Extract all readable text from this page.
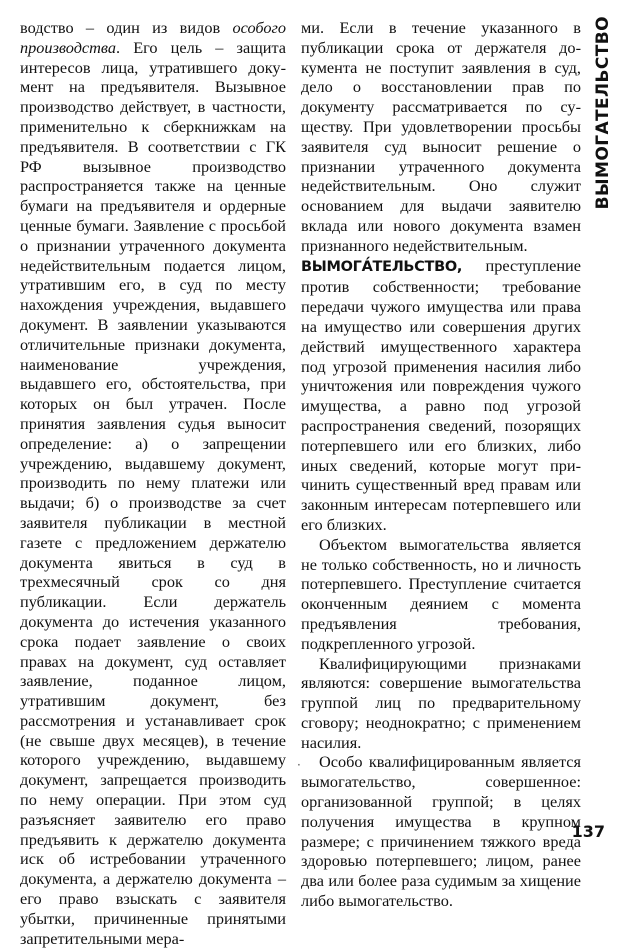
водство – один из видов особого производства. Его цель – защита интересов лица, утратившего документ на предъявителя. Вызывное производство действует, в частности, применительно к сберкнижкам на предъявителя. В соответствии с ГК РФ вызывное производство распространяется также на ценные бумаги на предъявителя и ордерные ценные бумаги. Заявление с просьбой о признании утраченного документа недействительным подается лицом, утратившим его, в суд по месту нахождения учреждения, выдавшего документ. В заявлении указываются отличительные признаки документа, наименование учреждения, выдавшего его, обстоятельства, при которых он был утрачен. После принятия заявления судья выносит определение: а) о запрещении учреждению, выдавшему документ, производить по нему платежи или выдачи; б) о производстве за счет заявителя публикации в местной газете с предложением держателю документа явиться в суд в трехмесячный срок со дня публикации. Если держатель документа до истечения указанного срока подает заявление о своих правах на документ, суд оставляет заявление, поданное лицом, утратившим документ, без рассмотрения и устанавливает срок (не свыше двух месяцев), в течение которого учреждению, выдавшему документ, запрещается производить по нему операции. При этом суд разъясняет заявителю его право предъявить к держателю документа иск об истребовании утраченного документа, а держателю документа – его право взыскать с заявителя убытки, причиненные принятыми запретительными мера-

ми. Если в течение указанного в публикации срока от держателя документа не поступит заявления в суд, дело о восстановлении прав по документу рассматривается по существу. При удовлетворении просьбы заявителя суд выносит решение о признании утраченного документа недействительным. Оно служит основанием для выдачи заявителю вклада или нового документа взамен признанного недействительным.

ВЫМОГА́ТЕЛЬСТВО, преступление против собственности; требование передачи чужого имущества или права на имущество или совершения других действий имущественного характера под угрозой применения насилия либо уничтожения или повреждения чужого имущества, а равно под угрозой распространения сведений, позорящих потерпевшего или его близких, либо иных сведений, которые могут причинить существенный вред правам или законным интересам потерпевшего или его близких.

Объектом вымогательства является не только собственность, но и личность потерпевшего. Преступление считается оконченным деянием с момента предъявления требования, подкрепленного угрозой.

Квалифицирующими признаками являются: совершение вымогательства группой лиц по предварительному сговору; неоднократно; с применением насилия.

Особо квалифицированным является вымогательство, совершенное: организованной группой; в целях получения имущества в крупном размере; с причинением тяжкого вреда здоровью потерпевшего; лицом, ранее два или более раза судимым за хищение либо вымогательство.

ВЫМОГАТЕЛЬСТВО
137
·
